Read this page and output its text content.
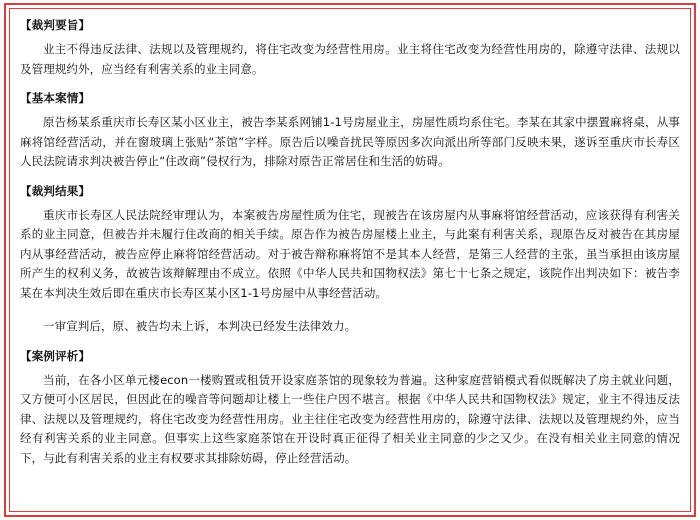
【裁判要旨】

业主不得违反法律、法规以及管理规约，将住宅改变为经营性用房。业主将住宅改变为经营性用房的，除遵守法律、法规以及管理规约外，应当经有利害关系的业主同意。

【基本案情】

原告杨某系重庆市长寿区某小区业主，被告李某系网铺1-1号房屋业主，房屋性质均系住宅。李某在其家中摆置麻将桌，从事麻将馆经营活动，并在窗玻璃上张贴“茶馆”字样。原告后以噪音扰民等原因多次向派出所等部门反映未果，遂诉至重庆市长寿区人民法院请求判决被告停止“住改商”侵权行为，排除对原告正常居住和生活的妨碍。

【裁判结果】

重庆市长寿区人民法院经审理认为，本案被告房屋性质为住宅，现被告在该房屋内从事麻将馆经营活动，应该获得有利害关系的业主同意，但被告并未履行住改商的相关手续。原告作为被告房屋楼上业主，与此案有利害关系，现原告反对被告在其房屋内从事经营活动，被告应停止麻将馆经营活动。对于被告辩称麻将馆不是其本人经营，是第三人经营的主张，虽当承担由该房屋所产生的权利义务，故被告该辩解理由不成立。依照《中华人民共和国物权法》第七十七条之规定，该院作出判决如下：被告李某在本判决生效后即在重庆市长寿区某小区1-1号房屋中从事经营活动。

一审宣判后，原、被告均未上诉，本判决已经发生法律效力。

【案例评析】

当前，在各小区单元楼econ一楼购置或租赁开设家庭茶馆的现象较为普遍。这种家庭营销模式看似既解决了房主就业问题，又方便可小区居民，但因此在的噪音等问题却让楼上一些住户因不堪言。根据《中华人民共和国物权法》规定，业主不得违反法律、法规以及管理规约，将住宅改变为经营性用房。业主往住宅改变为经营性用房的，除遵守法律、法规以及管理规约外，应当经有利害关系的业主同意。但事实上这些家庭茶馆在开设时真正征得了相关业主同意的少之又少。在没有相关业主同意的情况下，与此有利害关系的业主有权要求其排除妨碍，停止经营活动。
